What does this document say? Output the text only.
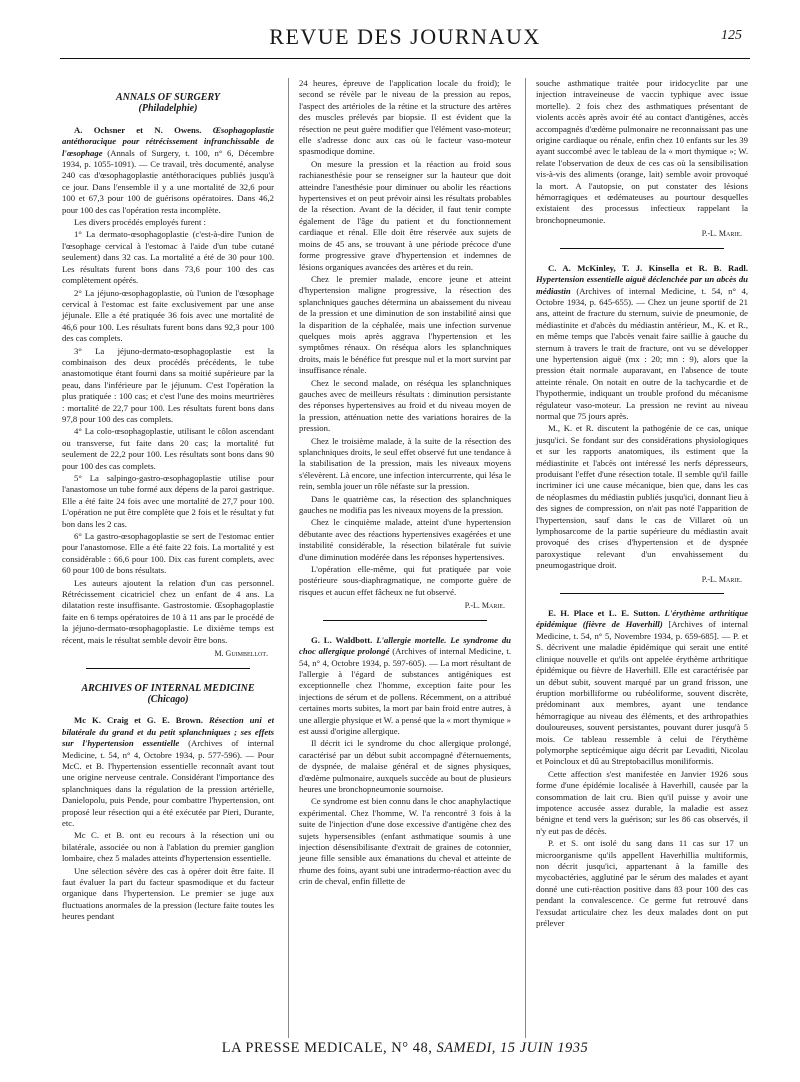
REVUE DES JOURNAUX	125
ANNALS OF SURGERY
(Philadelphie)

A. Ochsner et N. Owens. Œsophagoplastie antéthoracique pour rétrécissement infranchissable de l'œsophage (Annals of Surgery, t. 100, n° 6, Décembre 1934, p. 1055-1091). — Ce travail, très documenté, analyse 240 cas d'œsophagoplastie antéthoraciques publiés jusqu'à ce jour. Dans l'ensemble il y a une mortalité de 32,6 pour 100 et 67,3 pour 100 de guérisons opératoires. Dans 46,2 pour 100 des cas l'opération resta incomplète.

Les divers procédés employés furent :

1° La dermato-œsophagoplastie (c'est-à-dire l'union de l'œsophage cervical à l'estomac à l'aide d'un tube cutané seulement) dans 32 cas. La mortalité a été de 30 pour 100. Les résultats furent bons dans 73,6 pour 100 des cas complètement opérés.

2° La jéjuno-œsophagoplastie, où l'union de l'œsophage cervical à l'estomac est faite exclusivement par une anse jéjunale. Elle a été pratiquée 36 fois avec une mortalité de 46,6 pour 100. Les résultats furent bons dans 92,3 pour 100 des cas complets.

3° La jéjuno-dermato-œsophagoplastie est la combinaison des deux procédés précédents, le tube anastomotique étant fourni dans sa moitié supérieure par la peau, dans l'inférieure par le jéjunum. C'est l'opération la plus pratiquée : 100 cas; et c'est l'une des moins meurtrières : mortalité de 22,7 pour 100. Les résultats furent bons dans 97,8 pour 100 des cas complets.

4° La colo-œsophagoplastie, utilisant le côlon ascendant ou transverse, fut faite dans 20 cas; la mortalité fut seulement de 22,2 pour 100. Les résultats sont bons dans 90 pour 100 des cas complets.

5° La salpingo-gastro-œsophagoplastie utilise pour l'anastomose un tube formé aux dépens de la paroi gastrique. Elle a été faite 24 fois avec une mortalité de 27,7 pour 100. L'opération ne put être complète que 2 fois et le résultat y fut bon dans les 2 cas.

6° La gastro-œsophagoplastie se sert de l'estomac entier pour l'anastomose. Elle a été faite 22 fois. La mortalité y est considérable : 66,6 pour 100. Dix cas furent complets, avec 60 pour 100 de bons résultats.

Les auteurs ajoutent la relation d'un cas personnel. Rétrécissement cicatriciel chez un enfant de 4 ans. La dilatation reste insuffisante. Gastrostomie. Œsophagoplastie faite en 6 temps opératoires de 10 à 11 ans par le procédé de la jéjuno-dermato-œsophagoplastie. Le dixième temps est récent, mais le résultat semble devoir être bons.

M. Guimbellot.
ARCHIVES OF INTERNAL MEDICINE
(Chicago)

Mc K. Craig et G. E. Brown. Résection uni et bilatérale du grand et du petit splanchniques ; ses effets sur l'hypertension essentielle (Archives of internal Medicine, t. 54, n° 4, Octobre 1934, p. 577-596). — Pour McC. et B. l'hypertension essentielle reconnaît avant tout une origine nerveuse centrale. Considérant l'importance des splanchniques dans la régulation de la pression artérielle, Danielopolu, puis Pende, pour combattre l'hypertension, ont proposé leur résection qui a été exécutée par Pieri, Durante, etc.

Mc C. et B. ont eu recours à la résection uni ou bilatérale, associée ou non à l'ablation du premier ganglion lombaire, chez 5 malades atteints d'hypertension essentielle.

Une sélection sévère des cas à opérer doit être faite. Il faut évaluer la part du facteur spasmodique et du facteur organique dans l'hypertension. Le premier se juge aux fluctuations anormales de la pression (lecture faite toutes les heures pendant

24 heures, épreuve de l'application locale du froid); le second se révèle par le niveau de la pression au repos, l'aspect des artérioles de la rétine et la structure des artères des muscles prélevés par biopsie. Il est évident que la résection ne peut guère modifier que l'élément vaso-moteur; elle s'adresse donc aux cas où le facteur vaso-moteur spasmodique domine.

On mesure la pression et la réaction au froid sous rachianesthésie pour se renseigner sur la hauteur que doit atteindre l'anesthésie pour diminuer ou abolir les réactions hypertensives et on peut prévoir ainsi les résultats probables de la résection. Avant de la décider, il faut tenir compte également de l'âge du patient et du fonctionnement cardiaque et rénal. Elle doit être réservée aux sujets de moins de 45 ans, se trouvant à une période précoce d'une forme progressive grave d'hypertension et indemnes de lésions organiques avancées des artères et du rein.

Chez le premier malade, encore jeune et atteint d'hypertension maligne progressive, la résection des splanchniques gauches détermina un abaissement du niveau de la pression et une diminution de son instabilité ainsi que la disparition de la céphalée, mais une infection survenue quelques mois après aggrava l'hypertension et les symptômes rénaux. On réséqua alors les splanchniques droits, mais le bénéfice fut presque nul et la mort survint par insuffisance rénale.

Chez le second malade, on réséqua les splanchniques gauches avec de meilleurs résultats : diminution persistante des réponses hypertensives au froid et du niveau moyen de la pression, atténuation nette des variations horaires de la pression.

Chez le troisième malade, à la suite de la résection des splanchniques droits, le seul effet observé fut une tendance à la stabilisation de la pression, mais les niveaux moyens s'élevèrent. Là encore, une infection intercurrente, qui lésa le rein, sembla jouer un rôle néfaste sur la pression.

Dans le quatrième cas, la résection des splanchniques gauches ne modifia pas les niveaux moyens de la pression.

Chez le cinquième malade, atteint d'une hypertension débutante avec des réactions hypertensives exagérées et une instabilité considérable, la résection bilatérale fut suivie d'une diminution modérée dans les réponses hypertensives.

L'opération elle-même, qui fut pratiquée par voie postérieure sous-diaphragmatique, ne comporte guère de risques et aucun effet fâcheux ne fut observé.

P.-L. Marie.

G. L. Waldbott. L'allergie mortelle. Le syndrome du choc allergique prolongé (Archives of internal Medicine, t. 54, n° 4, Octobre 1934, p. 597-605). — La mort résultant de l'allergie à l'égard de substances antigéniques est exceptionnelle chez l'homme, exception faite pour les injections de sérum et de pollens. Récemment, on a attribué certaines morts subites, la mort par bain froid entre autres, à une allergie physique et W. a pensé que la « mort thymique » est aussi d'origine allergique.

Il décrit ici le syndrome du choc allergique prolongé, caractérisé par un début subit accompagné d'éternuements, de dyspnée, de malaise général et de signes physiques, d'œdème pulmonaire, auxquels succède au bout de plusieurs heures une bronchopneumonie sournoise.

Ce syndrome est bien connu dans le choc anaphylactique expérimental. Chez l'homme, W. l'a rencontré 3 fois à la suite de l'injection d'une dose excessive d'antigène chez des sujets hypersensibles (enfant asthmatique soumis à une injection désensibilisante d'extrait de graines de cotonnier, jeune fille sensible aux émanations du cheval et atteinte de rhume des foins, ayant subi une intradermo-réaction avec du crin de cheval, enfin fillette de

souche asthmatique traitée pour iridocyclite par une injection intraveineuse de vaccin typhique avec issue mortelle). 2 fois chez des asthmatiques présentant de violents accès après avoir été au contact d'antigènes, accès accompagnés d'œdème pulmonaire ne reconnaissant pas une origine cardiaque ou rénale, enfin chez 10 enfants sur les 39 ayant succombé avec le tableau de la « mort thymique »; W. relate l'observation de deux de ces cas où la sensibilisation vis-à-vis des aliments (orange, lait) semble avoir provoqué la mort. A l'autopsie, on put constater des lésions hémorragiques et œdémateuses au pourtour desquelles existaient des processus infectieux rappelant la bronchopneumonie.

P.-L. Marie.

C. A. McKinley, T. J. Kinsella et R. B. Radl. Hypertension essentielle aiguë déclenchée par un abcès du médiastin (Archives of internal Medicine, t. 54, n° 4, Octobre 1934, p. 645-655). — Chez un jeune sportif de 21 ans, atteint de fracture du sternum, suivie de pneumonie, de médiastinite et d'abcès du médiastin antérieur, M., K. et R., en même temps que l'abcès venait faire saillie à gauche du sternum à travers le trait de fracture, ont vu se développer une hypertension aiguë (mx : 20; mn : 9), alors que la pression était normale auparavant, en l'absence de toute atteinte rénale. On notait en outre de la tachycardie et de l'hypothermie, indiquant un trouble profond du mécanisme régulateur vaso-moteur. La pression ne revint au niveau normal que 75 jours après.

M., K. et R. discutent la pathogénie de ce cas, unique jusqu'ici. Se fondant sur des considérations physiologiques et sur les rapports anatomiques, ils estiment que la médiastinite et l'abcès ont intéressé les nerfs dépresseurs, produisant l'effet d'une résection totale. Il semble qu'il faille incriminer ici une cause mécanique, bien que, dans les cas de néoplasmes du médiastin publiés jusqu'ici, donnant lieu à des signes de compression, on n'ait pas noté l'apparition de l'hypertension, sauf dans le cas de Villaret où un lymphosarcome de la partie supérieure du médiastin avait provoqué des crises d'hypertension et de dyspnée paroxystique relevant d'un envahissement du pneumogastrique droit.

P.-L. Marie.

E. H. Place et L. E. Sutton. L'érythème arthritique épidémique (fièvre de Haverhill) [Archives of internal Medicine, t. 54, n° 5, Novembre 1934, p. 659-685]. — P. et S. décrivent une maladie épidémique qui serait une entité clinique nouvelle et qu'ils ont appelée érythème arthritique épidémique ou fièvre de Haverhill. Elle est caractérisée par un début subit, souvent marqué par un grand frisson, une éruption morbilliforme ou rubéoliforme, souvent discrète, prédominant aux membres, ayant une tendance hémorragique au niveau des éléments, et des arthropathies douloureuses, souvent persistantes, pouvant durer jusqu'à 5 mois. Ce tableau ressemble à celui de l'érythème polymorphe septicémique aigu décrit par Levaditi, Nicolau et Poincloux et dû au Streptobacillus moniliformis.

Cette affection s'est manifestée en Janvier 1926 sous forme d'une épidémie localisée à Haverhill, causée par la consommation de lait cru. Bien qu'il puisse y avoir une impotence accusée assez durable, la maladie est assez bénigne et tend vers la guérison; sur les 86 cas observés, il n'y eut pas de décès.

P. et S. ont isolé du sang dans 11 cas sur 17 un microorganisme qu'ils appellent Haverhillia multiformis, non décrit jusqu'ici, appartenant à la famille des mycobactéries, agglutiné par le sérum des malades et ayant donné une cuti-réaction positive dans 83 pour 100 des cas pendant la convalescence. Ce germe fut retrouvé dans l'exsudat articulaire chez les deux malades dont on put prélever

LA PRESSE MEDICALE, N° 48, SAMEDI, 15 JUIN 1935
